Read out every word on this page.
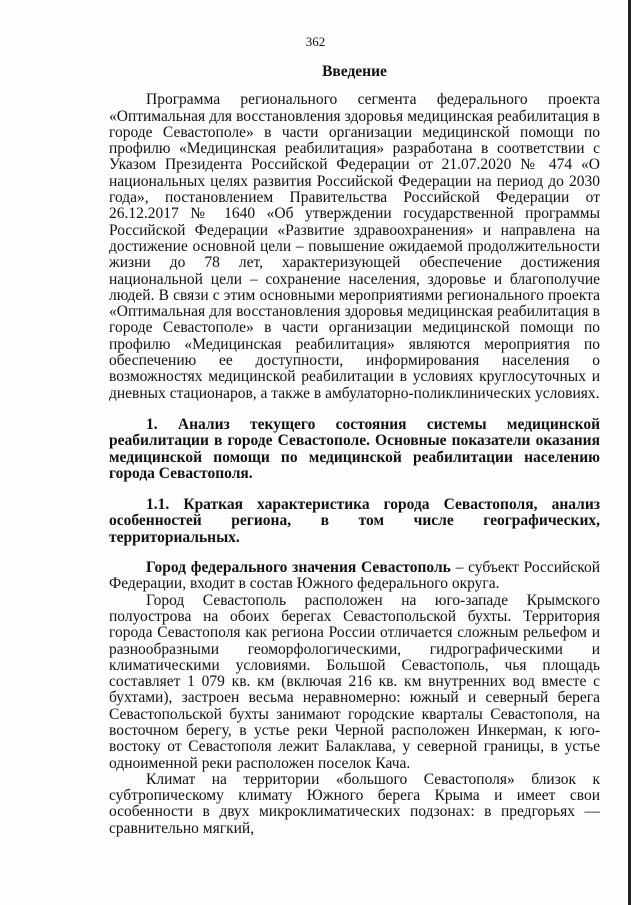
362

Введение

Программа регионального сегмента федерального проекта «Оптимальная для восстановления здоровья медицинская реабилитация в городе Севастополе» в части организации медицинской помощи по профилю «Медицинская реабилитация» разработана в соответствии с Указом Президента Российской Федерации от 21.07.2020 № 474 «О национальных целях развития Российской Федерации на период до 2030 года», постановлением Правительства Российской Федерации от 26.12.2017 № 1640 «Об утверждении государственной программы Российской Федерации «Развитие здравоохранения» и направлена на достижение основной цели – повышение ожидаемой продолжительности жизни до 78 лет, характеризующей обеспечение достижения национальной цели – сохранение населения, здоровье и благополучие людей. В связи с этим основными мероприятиями регионального проекта «Оптимальная для восстановления здоровья медицинская реабилитация в городе Севастополе» в части организации медицинской помощи по профилю «Медицинская реабилитация» являются мероприятия по обеспечению ее доступности, информирования населения о возможностях медицинской реабилитации в условиях круглосуточных и дневных стационаров, а также в амбулаторно-поликлинических условиях.

1. Анализ текущего состояния системы медицинской реабилитации в городе Севастополе. Основные показатели оказания медицинской помощи по медицинской реабилитации населению города Севастополя.

1.1. Краткая характеристика города Севастополя, анализ особенностей региона, в том числе географических, территориальных.

Город федерального значения Севастополь – субъект Российской Федерации, входит в состав Южного федерального округа.

Город Севастополь расположен на юго-западе Крымского полуострова на обоих берегах Севастопольской бухты. Территория города Севастополя как региона России отличается сложным рельефом и разнообразными геоморфологическими, гидрографическими и климатическими условиями. Большой Севастополь, чья площадь составляет 1 079 кв. км (включая 216 кв. км внутренних вод вместе с бухтами), застроен весьма неравномерно: южный и северный берега Севастопольской бухты занимают городские кварталы Севастополя, на восточном берегу, в устье реки Черной расположен Инкерман, к юго-востоку от Севастополя лежит Балаклава, у северной границы, в устье одноименной реки расположен поселок Кача.

Климат на территории «большого Севастополя» близок к субтропическому климату Южного берега Крыма и имеет свои особенности в двух микроклиматических подзонах: в предгорьях — сравнительно мягкий,
